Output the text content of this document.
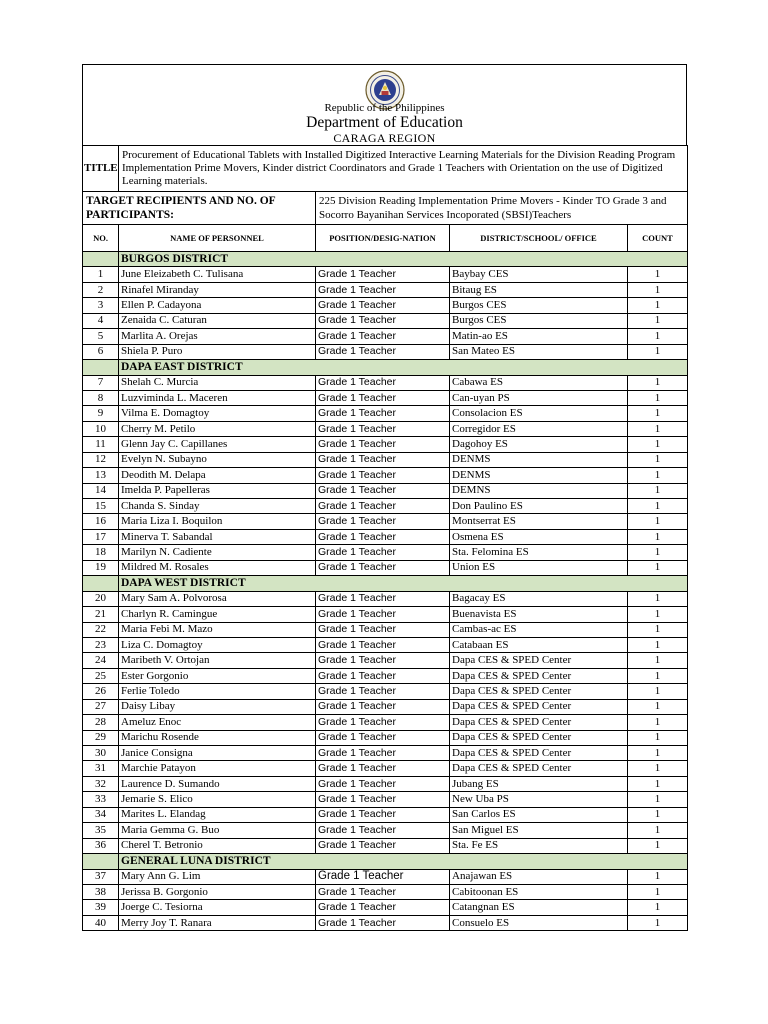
Republic of the Philippines
Department of Education
CARAGA REGION
TITLE	Procurement of Educational Tablets with Installed Digitized Interactive Learning Materials for the Division Reading Program Implementation Prime Movers, Kinder district Coordinators and Grade 1 Teachers with Orientation on the use of Digitized Learning materials.			
TARGET RECIPIENTS AND NO. OF PARTICIPANTS:		225 Division Reading Implementation Prime Movers - Kinder TO Grade 3 and Socorro Bayanihan Services Incoporated (SBSI)Teachers		
NO.	NAME OF PERSONNEL	POSITION/DESIG-NATION	DISTRICT/SCHOOL/ OFFICE	COUNT
	BURGOS DISTRICT			
1	June Eleizabeth C. Tulisana	Grade 1 Teacher	Baybay CES	1
2	Rinafel Miranday	Grade 1 Teacher	Bitaug ES	1
3	Ellen P. Cadayona	Grade 1 Teacher	Burgos CES	1
4	Zenaida C. Caturan	Grade 1 Teacher	Burgos CES	1
5	Marlita A. Orejas	Grade 1 Teacher	Matin-ao ES	1
6	Shiela P. Puro	Grade 1 Teacher	San Mateo ES	1
	DAPA EAST DISTRICT			
7	Shelah C. Murcia	Grade 1 Teacher	Cabawa ES	1
8	Luzviminda L. Maceren	Grade 1 Teacher	Can-uyan PS	1
9	Vilma E. Domagtoy	Grade 1 Teacher	Consolacion ES	1
10	Cherry M. Petilo	Grade 1 Teacher	Corregidor ES	1
11	Glenn Jay C. Capillanes	Grade 1 Teacher	Dagohoy ES	1
12	Evelyn N. Subayno	Grade 1 Teacher	DENMS	1
13	Deodith M. Delapa	Grade 1 Teacher	DENMS	1
14	Imelda P. Papelleras	Grade 1 Teacher	DEMNS	1
15	Chanda S. Sinday	Grade 1 Teacher	Don Paulino ES	1
16	Maria Liza I. Boquilon	Grade 1 Teacher	Montserrat ES	1
17	Minerva T. Sabandal	Grade 1 Teacher	Osmena ES	1
18	Marilyn N. Cadiente	Grade 1 Teacher	Sta. Felomina ES	1
19	Mildred M. Rosales	Grade 1 Teacher	Union ES	1
	DAPA WEST DISTRICT			
20	Mary Sam A. Polvorosa	Grade 1 Teacher	Bagacay ES	1
21	Charlyn R. Camingue	Grade 1 Teacher	Buenavista ES	1
22	Maria Febi M. Mazo	Grade 1 Teacher	Cambas-ac ES	1
23	Liza C. Domagtoy	Grade 1 Teacher	Catabaan ES	1
24	Maribeth V. Ortojan	Grade 1 Teacher	Dapa CES & SPED Center	1
25	Ester Gorgonio	Grade 1 Teacher	Dapa CES & SPED Center	1
26	Ferlie Toledo	Grade 1 Teacher	Dapa CES & SPED Center	1
27	Daisy Libay	Grade 1 Teacher	Dapa CES & SPED Center	1
28	Ameluz Enoc	Grade 1 Teacher	Dapa CES & SPED Center	1
29	Marichu Rosende	Grade 1 Teacher	Dapa CES & SPED Center	1
30	Janice Consigna	Grade 1 Teacher	Dapa CES & SPED Center	1
31	Marchie Patayon	Grade 1 Teacher	Dapa CES & SPED Center	1
32	Laurence D. Sumando	Grade 1 Teacher	Jubang ES	1
33	Jemarie S. Elico	Grade 1 Teacher	New Uba PS	1
34	Marites L. Elandag	Grade 1 Teacher	San Carlos ES	1
35	Maria Gemma G. Buo	Grade 1 Teacher	San Miguel ES	1
36	Cherel T. Betronio	Grade 1 Teacher	Sta. Fe ES	1
	GENERAL LUNA DISTRICT			
37	Mary Ann G. Lim	Grade 1 Teacher	Anajawan ES	1
38	Jerissa B. Gorgonio	Grade 1 Teacher	Cabitoonan ES	1
39	Joerge C. Tesiorna	Grade 1 Teacher	Catangnan ES	1
40	Merry Joy T. Ranara	Grade 1 Teacher	Consuelo ES	1
